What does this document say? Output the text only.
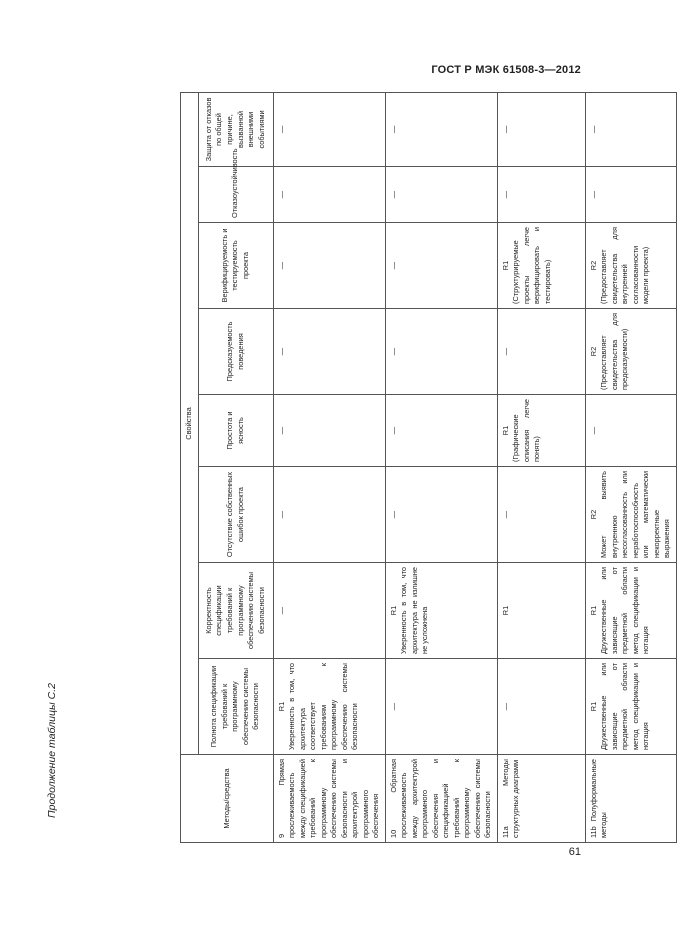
ГОСТ Р МЭК 61508-3—2012
Продолжение таблицы С.2
61
Методы/средства	Свойства							
	Полнота спецификации требований к программному обеспечению системы безопасности	Корректность спецификации требований к программному обеспечению системы безопасности	Отсутствие собственных ошибок проекта	Простота и ясность	Предсказуемость поведения	Верифицируемость и тестируемость проекта	Отказоустойчивость	Защита от отказов по общей причине, вызванной внешними событиями
9 Прямая прослеживаемость между спецификацией требований к программному обеспечению системы безопасности и архитектурой программного обеспечения	R1 Уверенность в том, что архитектура соответствует требованиям к программному обеспечению системы безопасности	—	—	—	—	—	—	—
10 Обратная прослеживаемость между архитектурой программного обеспечения и спецификацией требований к программному обеспечению системы безопасности	—	R1 Уверенность в том, что архитектура не излишне не усложнена	—	—	—	—	—	—
11a Методы структурных диаграмм	—	R1	—	R1 (Графические описания легче понять)	—	R1 (Структурируемые проекты легче верифицировать и тестировать)	—	—
11b Полуформальные методы	R1 Дружественные или зависящие от предметной области метод спецификации и нотация	R1 Дружественные или зависящие от предметной области метод спецификации и нотация	R2 Может выявить внутреннюю несогласованность или неработоспособность или математически некорректные выражения	—	R2 (Предоставляет свидетельства для предсказуемости)	R2 (Предоставляет свидетельства для внутренней согласованности модели проекта)	—	—
